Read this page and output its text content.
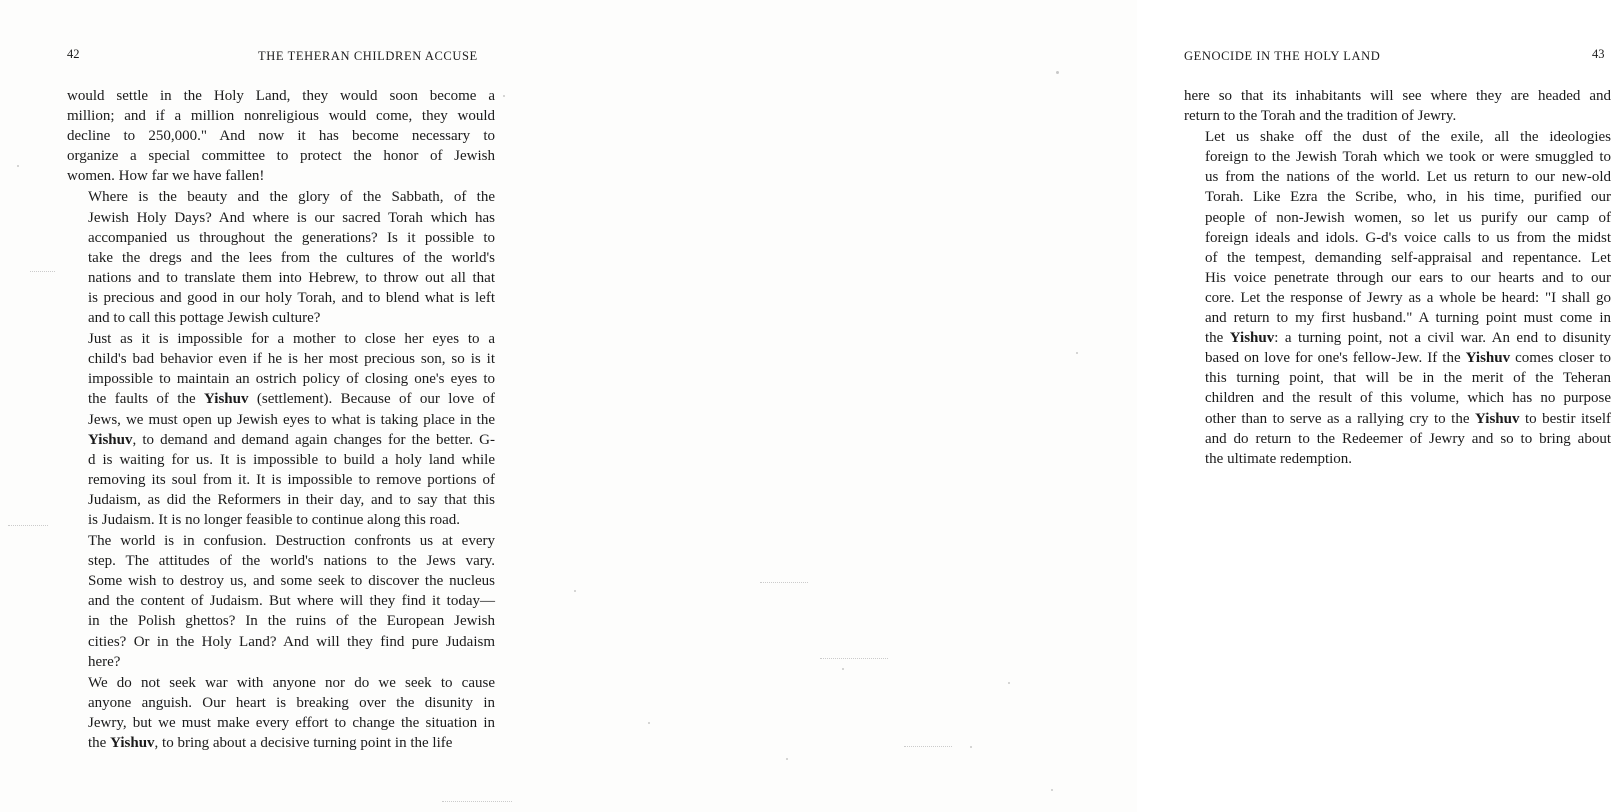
42	THE TEHERAN CHILDREN ACCUSE
would settle in the Holy Land, they would soon become a
million; and if a million nonreligious would come, they would
decline to 250,000." And now it has become necessary to
organize a special committee to protect the honor of Jewish
women. How far we have fallen!
Where is the beauty and the glory of the Sabbath, of the
Jewish Holy Days? And where is our sacred Torah which has
accompanied us throughout the generations? Is it possible to
take the dregs and the lees from the cultures of the world's
nations and to translate them into Hebrew, to throw out all that
is precious and good in our holy Torah, and to blend what is left
and to call this pottage Jewish culture?
Just as it is impossible for a mother to close her eyes to a
child's bad behavior even if he is her most precious son, so is it
impossible to maintain an ostrich policy of closing one's eyes to
the faults of the Yishuv (settlement). Because of our love of
Jews, we must open up Jewish eyes to what is taking place in the
Yishuv, to demand and demand again changes for the better. G-
d is waiting for us. It is impossible to build a holy land while
removing its soul from it. It is impossible to remove portions of
Judaism, as did the Reformers in their day, and to say that this
is Judaism. It is no longer feasible to continue along this road.
The world is in confusion. Destruction confronts us at every
step. The attitudes of the world's nations to the Jews vary.
Some wish to destroy us, and some seek to discover the nucleus
and the content of Judaism. But where will they find it today—
in the Polish ghettos? In the ruins of the European Jewish
cities? Or in the Holy Land? And will they find pure Judaism
here?
We do not seek war with anyone nor do we seek to cause
anyone anguish. Our heart is breaking over the disunity in
Jewry, but we must make every effort to change the situation in
the Yishuv, to bring about a decisive turning point in the life
GENOCIDE IN THE HOLY LAND	43
here so that its inhabitants will see where they are headed and
return to the Torah and the tradition of Jewry.
Let us shake off the dust of the exile, all the ideologies
foreign to the Jewish Torah which we took or were smuggled to
us from the nations of the world. Let us return to our new-old
Torah. Like Ezra the Scribe, who, in his time, purified our
people of non-Jewish women, so let us purify our camp of
foreign ideals and idols. G-d's voice calls to us from the midst
of the tempest, demanding self-appraisal and repentance. Let
His voice penetrate through our ears to our hearts and to our
core. Let the response of Jewry as a whole be heard: "I shall go
and return to my first husband." A turning point must come in
the Yishuv: a turning point, not a civil war. An end to disunity
based on love for one's fellow-Jew. If the Yishuv comes closer to
this turning point, that will be in the merit of the Teheran
children and the result of this volume, which has no purpose
other than to serve as a rallying cry to the Yishuv to bestir itself
and do return to the Redeemer of Jewry and so to bring about
the ultimate redemption.
